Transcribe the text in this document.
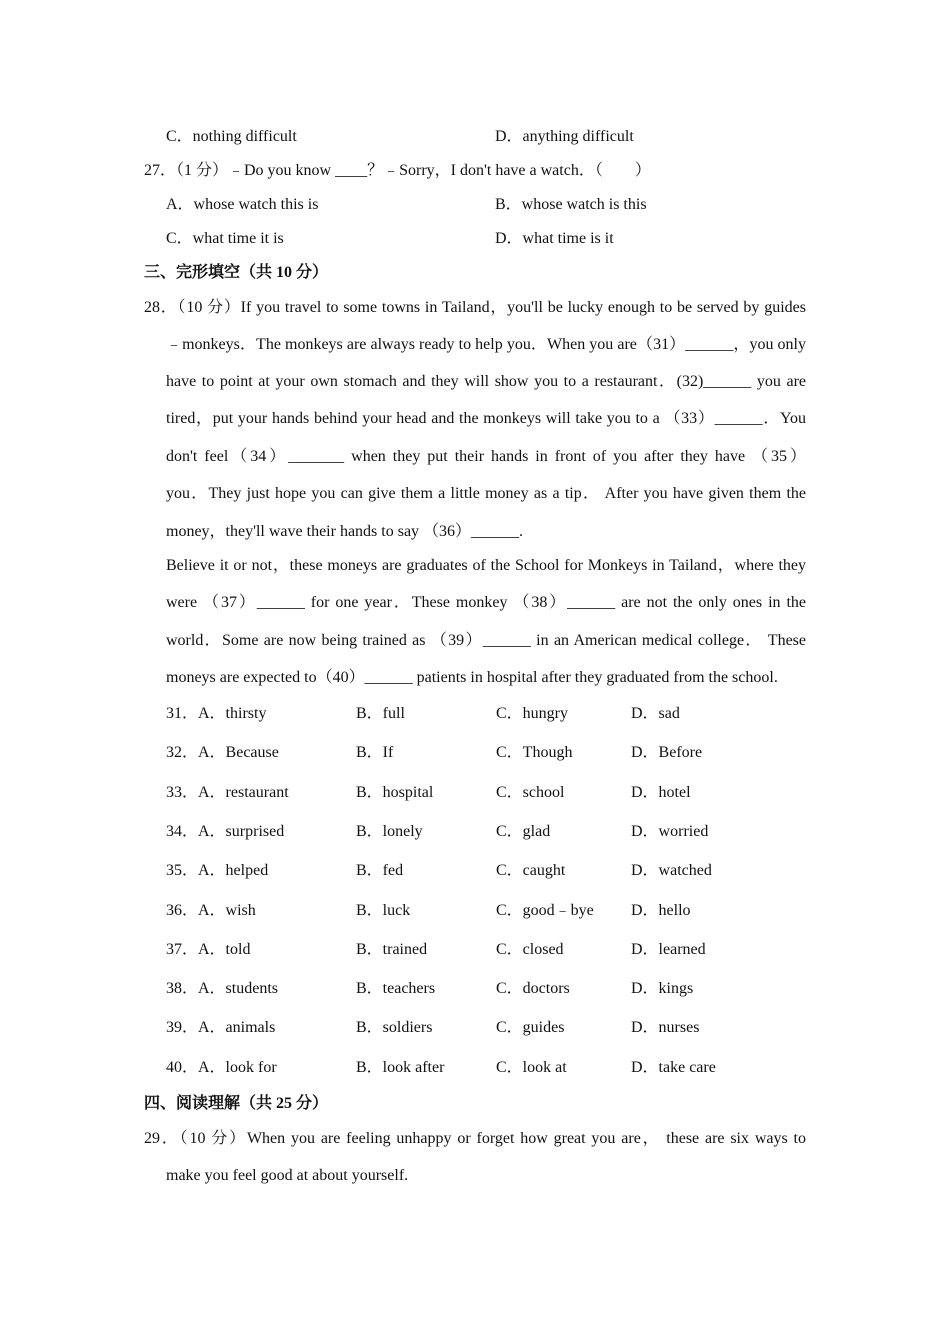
C．nothing difficult	D．anything difficult
27．（1 分）﹣Do you know ____？﹣Sorry，I don't have a watch．（　　）
A．whose watch this is	B．whose watch is this
C．what time it is	D．what time is it
三、完形填空（共 10 分）
28．（10 分）If you travel to some towns in Tailand，you'll be lucky enough to be served by guides
﹣monkeys．The monkeys are always ready to help you．When you are（31）______，you only
have to point at your own stomach and they will show you to a restaurant．(32)______ you are
tired，put your hands behind your head and the monkeys will take you to a （33）______．You
don't feel（34）_______ when they put their hands in front of you after they have （35）
you．They just hope you can give them a little money as a tip． After you have given them the
money，they'll wave their hands to say （36）______.
Believe it or not，these moneys are graduates of the School for Monkeys in Tailand，where they
were （37）______ for one year．These monkey （38）______ are not the only ones in the
world．Some are now being trained as （39）______ in an American medical college． These
moneys are expected to（40）______ patients in hospital after they graduated from the school.
31．A．thirsty	B．full	C．hungry	D．sad
32．A．Because	B．If	C．Though	D．Before
33．A．restaurant	B．hospital	C．school	D．hotel
34．A．surprised	B．lonely	C．glad	D．worried
35．A．helped	B．fed	C．caught	D．watched
36．A．wish	B．luck	C．good﹣bye D．hello
37．A．told	B．trained	C．closed	D．learned
38．A．students	B．teachers	C．doctors	D．kings
39．A．animals	B．soldiers	C．guides	D．nurses
40．A．look for	B．look after	C．look at	D．take care
四、阅读理解（共 25 分）
29．（10 分）When you are feeling unhappy or forget how great you are， these are six ways to
make you feel good at about yourself.
